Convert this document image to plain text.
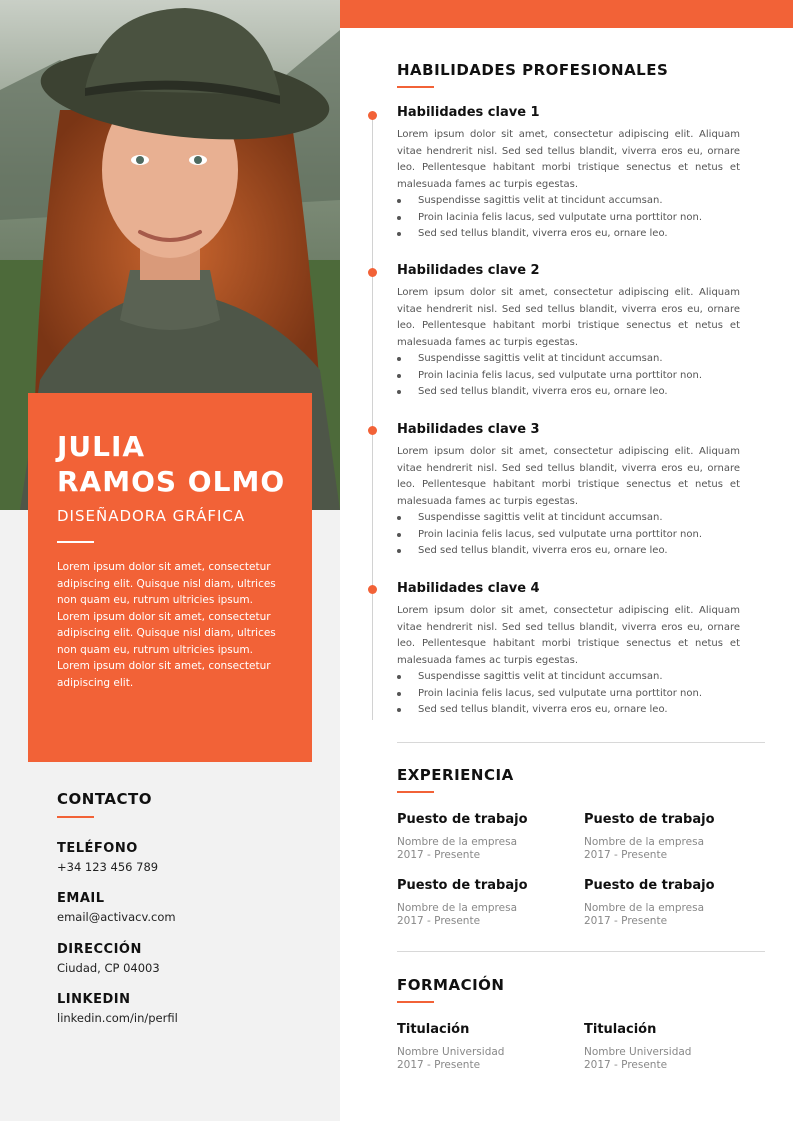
JULIA
RAMOS OLMO
DISEÑADORA GRÁFICA
Lorem ipsum dolor sit amet, consectetur adipiscing elit. Quisque nisl diam, ultrices non quam eu, rutrum ultricies ipsum. Lorem ipsum dolor sit amet, consectetur adipiscing elit. Quisque nisl diam, ultrices non quam eu, rutrum ultricies ipsum. Lorem ipsum dolor sit amet, consectetur adipiscing elit.
CONTACTO
TELÉFONO
+34 123 456 789
EMAIL
email@activacv.com
DIRECCIÓN
Ciudad, CP 04003
LINKEDIN
linkedin.com/in/perfil
HABILIDADES PROFESIONALES
Habilidades clave 1

Lorem ipsum dolor sit amet, consectetur adipiscing elit. Aliquam vitae hendrerit nisl. Sed sed tellus blandit, viverra eros eu, ornare leo. Pellentesque habitant morbi tristique senectus et netus et malesuada fames ac turpis egestas.

Suspendisse sagittis velit at tincidunt accumsan.
Proin lacinia felis lacus, sed vulputate urna porttitor non.
Sed sed tellus blandit, viverra eros eu, ornare leo.
Habilidades clave 2

Lorem ipsum dolor sit amet, consectetur adipiscing elit. Aliquam vitae hendrerit nisl. Sed sed tellus blandit, viverra eros eu, ornare leo. Pellentesque habitant morbi tristique senectus et netus et malesuada fames ac turpis egestas.

Suspendisse sagittis velit at tincidunt accumsan.
Proin lacinia felis lacus, sed vulputate urna porttitor non.
Sed sed tellus blandit, viverra eros eu, ornare leo.
Habilidades clave 3

Lorem ipsum dolor sit amet, consectetur adipiscing elit. Aliquam vitae hendrerit nisl. Sed sed tellus blandit, viverra eros eu, ornare leo. Pellentesque habitant morbi tristique senectus et netus et malesuada fames ac turpis egestas.

Suspendisse sagittis velit at tincidunt accumsan.
Proin lacinia felis lacus, sed vulputate urna porttitor non.
Sed sed tellus blandit, viverra eros eu, ornare leo.
Habilidades clave 4

Lorem ipsum dolor sit amet, consectetur adipiscing elit. Aliquam vitae hendrerit nisl. Sed sed tellus blandit, viverra eros eu, ornare leo. Pellentesque habitant morbi tristique senectus et netus et malesuada fames ac turpis egestas.

Suspendisse sagittis velit at tincidunt accumsan.
Proin lacinia felis lacus, sed vulputate urna porttitor non.
Sed sed tellus blandit, viverra eros eu, ornare leo.
EXPERIENCIA
Puesto de trabajo
Nombre de la empresa
2017 - Presente
Puesto de trabajo
Nombre de la empresa
2017 - Presente
Puesto de trabajo
Nombre de la empresa
2017 - Presente
Puesto de trabajo
Nombre de la empresa
2017 - Presente
FORMACIÓN
Titulación
Nombre Universidad
2017 - Presente
Titulación
Nombre Universidad
2017 - Presente
